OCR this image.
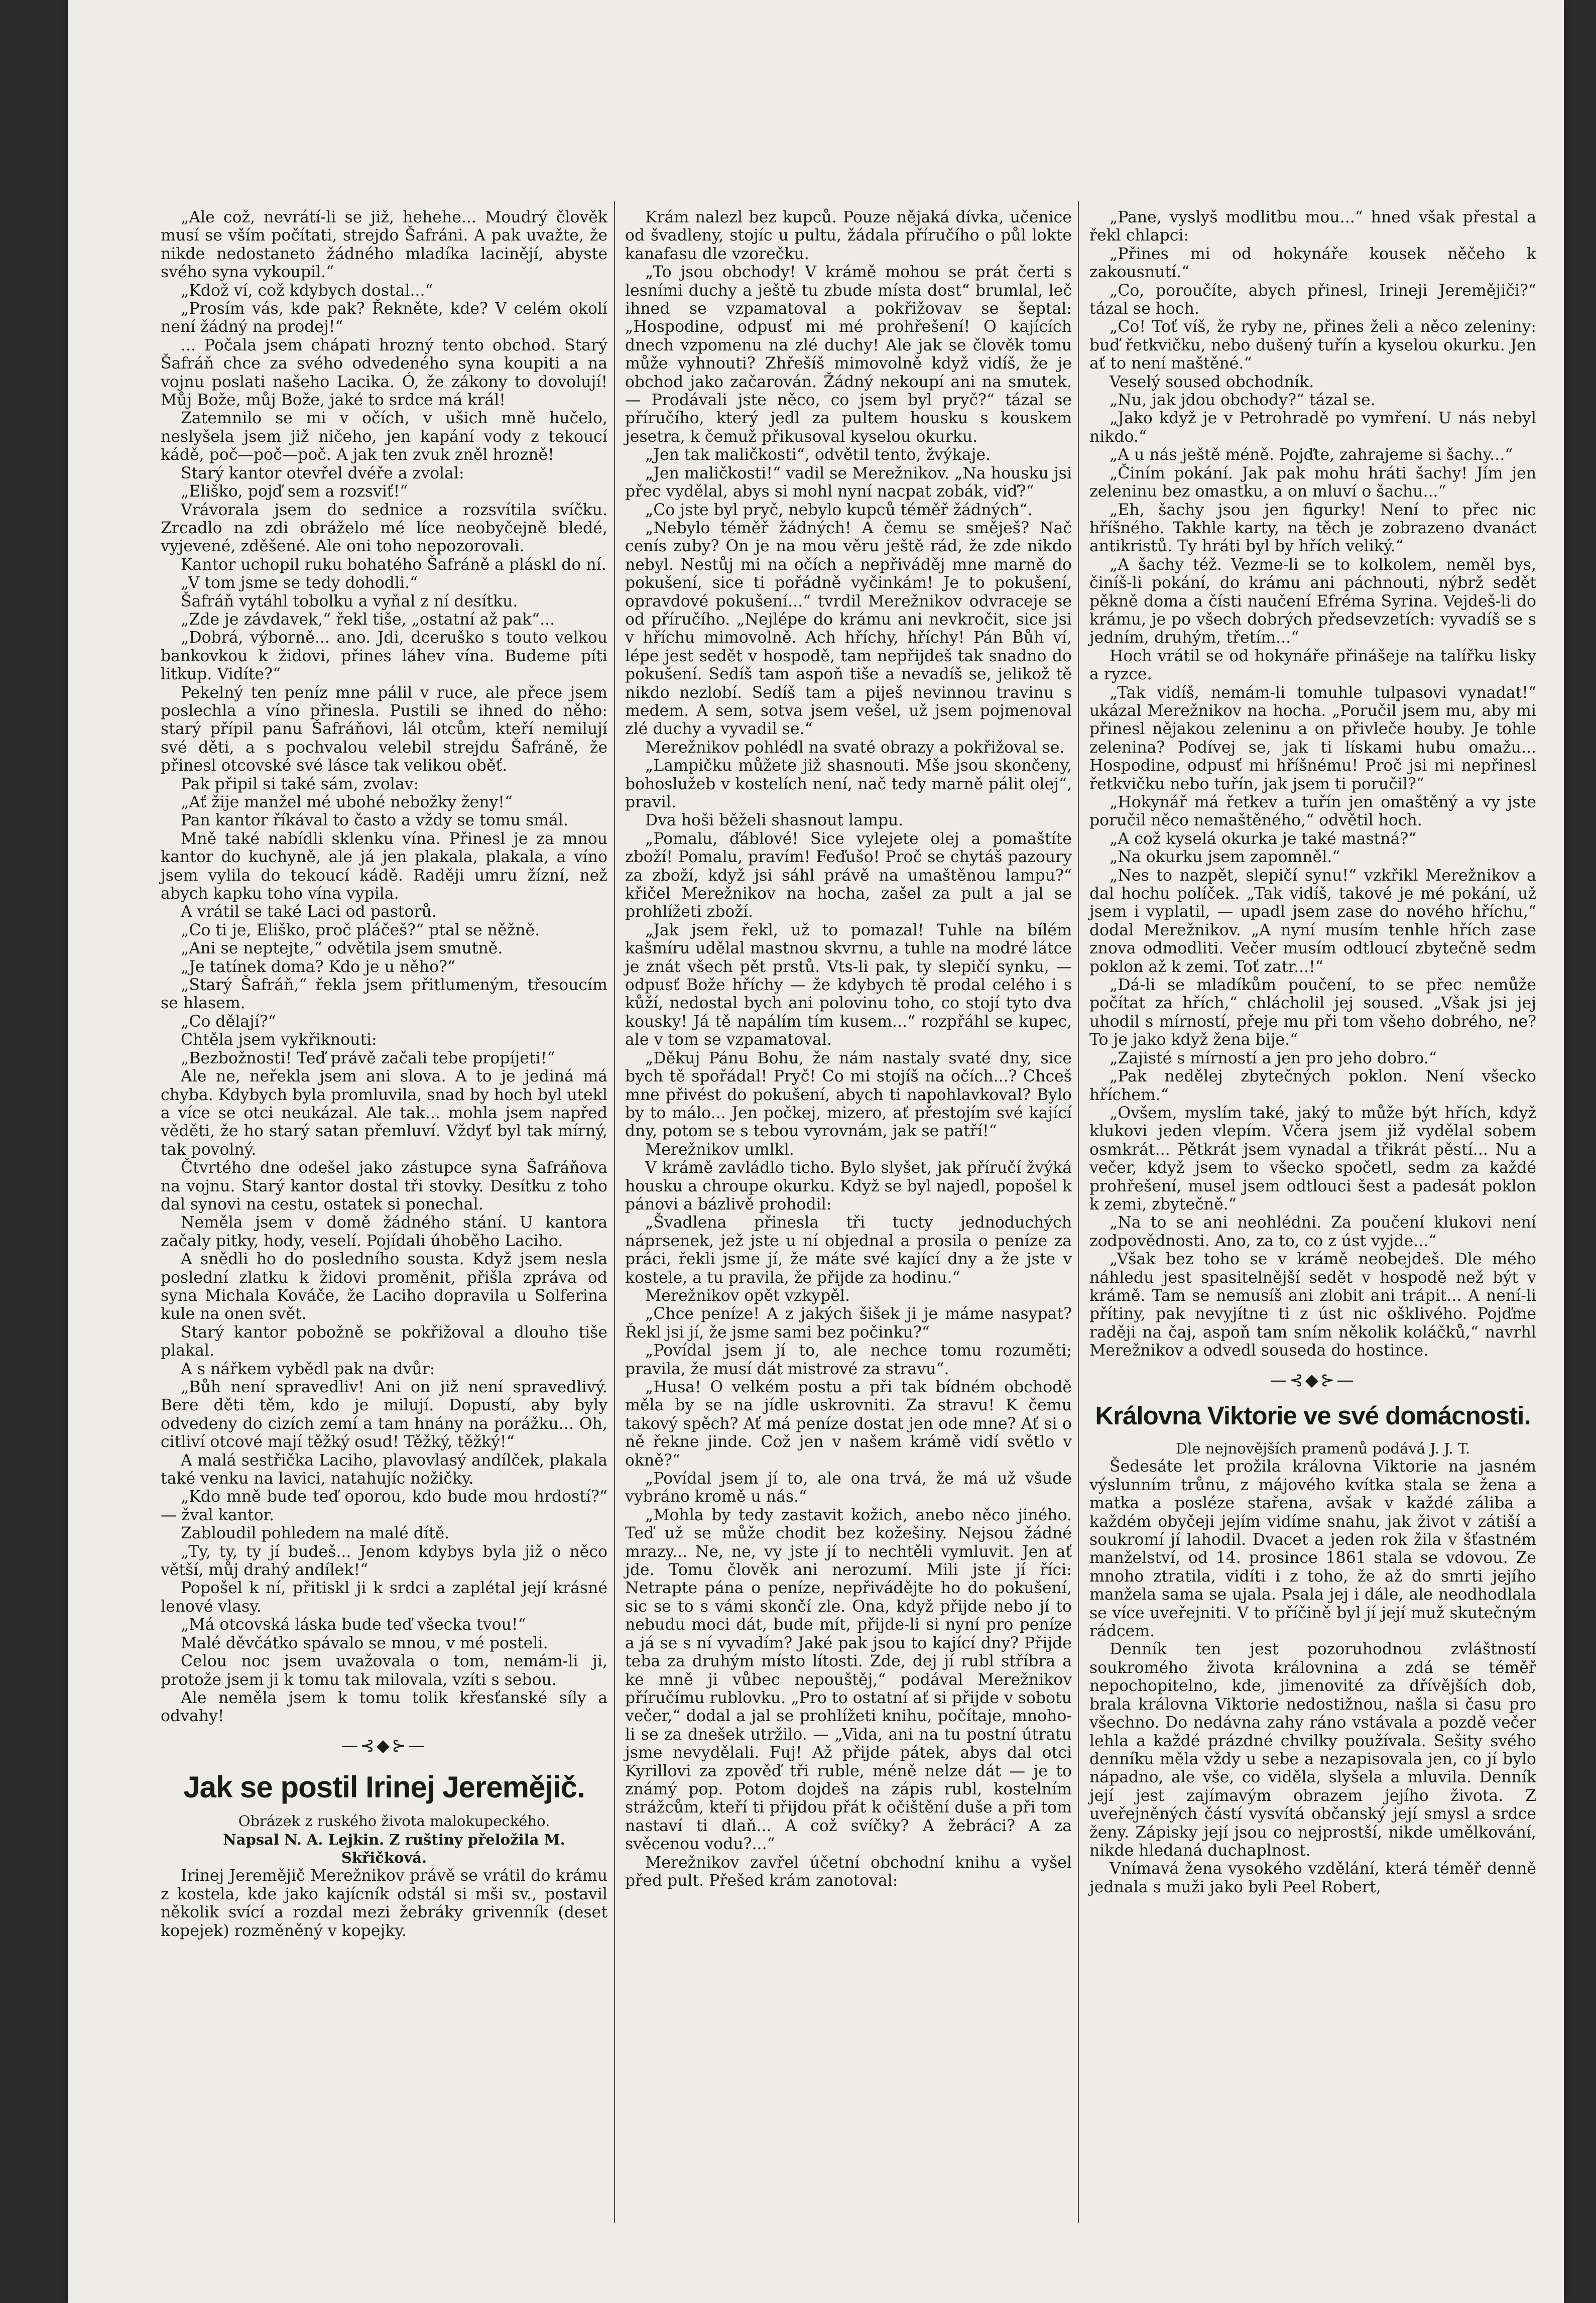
„Ale což, nevrátí-li se již, hehehe... Moudrý člověk musí se vším počítati, strejdo Šafráni. A pak uvažte, že nikde nedostaneto žádného mladíka lacinějí, abyste svého syna vykoupil.“

„Kdož ví, což kdybych dostal...“

„Prosím vás, kde pak? Řekněte, kde? V celém okolí není žádný na prodej!“

... Počala jsem chápati hrozný tento obchod. Starý Šafráň chce za svého odvedeného syna koupiti a na vojnu poslati našeho Lacika. Ó, že zákony to dovolují! Můj Bože, můj Bože, jaké to srdce má král!

Zatemnilo se mi v očích, v ušich mně hučelo, neslyšela jsem již ničeho, jen kapání vody z tekoucí kádě, poč—poč—poč. A jak ten zvuk zněl hrozně!

Starý kantor otevřel dvéře a zvolal:

„Eliško, pojď sem a rozsviť!“

Vrávorala jsem do sednice a rozsvítila svíčku. Zrcadlo na zdi obráželo mé líce neobyčejně bledé, vyjevené, zděšené. Ale oni toho nepozorovali.

Kantor uchopil ruku bohatého Šafráně a pláskl do ní.

„V tom jsme se tedy dohodli.“

Šafráň vytáhl tobolku a vyňal z ní desítku.

„Zde je závdavek,“ řekl tiše, „ostatní až pak“...

„Dobrá, výborně... ano. Jdi, dceruško s touto velkou bankovkou k židovi, přines láhev vína. Budeme píti litkup. Vidíte?“

Pekelný ten peníz mne pálil v ruce, ale přece jsem poslechla a víno přinesla. Pustili se ihned do něho: starý přípil panu Šafráňovi, lál otcům, kteří nemilují své děti, a s pochvalou velebil strejdu Šafráně, že přinesl otcovské své lásce tak velikou oběť.

Pak připil si také sám, zvolav:

„Ať žije manžel mé ubohé nebožky ženy!“

Pan kantor říkával to často a vždy se tomu smál.

Mně také nabídli sklenku vína. Přinesl je za mnou kantor do kuchyně, ale já jen plakala, plakala, a víno jsem vylila do tekoucí kádě. Raději umru žízní, než abych kapku toho vína vypila.

A vrátil se také Laci od pastorů.

„Co ti je, Eliško, proč pláčeš?“ ptal se něžně.

„Ani se neptejte,“ odvětila jsem smutně.

„Je tatínek doma? Kdo je u něho?“

„Starý Šafráň,“ řekla jsem přitlumeným, třesoucím se hlasem.

„Co dělají?“

Chtěla jsem vykřiknouti:

„Bezbožnosti! Teď právě začali tebe propíjeti!“

Ale ne, neřekla jsem ani slova. A to je jediná má chyba. Kdybych byla promluvila, snad by hoch byl utekl a více se otci neukázal. Ale tak... mohla jsem napřed věděti, že ho starý satan přemluví. Vždyť byl tak mírný, tak povolný.

Čtvrtého dne odešel jako zástupce syna Šafráňova na vojnu. Starý kantor dostal tři stovky. Desítku z toho dal synovi na cestu, ostatek si ponechal.

Neměla jsem v domě žádného stání. U kantora začaly pitky, hody, veselí. Pojídali úhoběho Laciho.

A snědli ho do posledního sousta. Když jsem nesla poslední zlatku k židovi proměnit, přišla zpráva od syna Michala Kováče, že Laciho dopravila u Solferina kule na onen svět.

Starý kantor pobožně se pokřižoval a dlouho tiše plakal.

A s nářkem vybědl pak na dvůr:

„Bůh není spravedliv! Ani on již není spravedlivý. Bere děti těm, kdo je milují. Dopustí, aby byly odvedeny do cizích zemí a tam hnány na porážku... Oh, citliví otcové mají těžký osud! Těžký, těžký!“

A malá sestřička Laciho, plavovlasý andílček, plakala také venku na lavici, natahujíc nožičky.

„Kdo mně bude teď oporou, kdo bude mou hrdostí?“ — žval kantor.

Zabloudil pohledem na malé dítě.

„Ty, ty, ty jí budeš... Jenom kdybys byla již o něco větší, můj drahý andílek!“

Popošel k ní, přitiskl ji k srdci a zaplétal její krásné lenové vlasy.

„Má otcovská láska bude teď všecka tvou!“

Malé děvčátko spávalo se mnou, v mé posteli.

Celou noc jsem uvažovala o tom, nemám-li ji, protože jsem ji k tomu tak milovala, vzíti s sebou.

Ale neměla jsem k tomu tolik křesťanské síly a odvahy!

—⊰◆⊱—
Jak se postil Irinej Jeremějič.

Obrázek z ruského života malokupeckého.

Napsal N. A. Lejkin. Z ruštiny přeložila M. Skřičková.

Irinej Jeremějič Merežnikov právě se vrátil do krámu z kostela, kde jako kajícník odstál si mši sv., postavil několik svící a rozdal mezi žebráky grivenník (deset kopejek) rozměněný v kopejky.

Krám nalezl bez kupců. Pouze nějaká dívka, učenice od švadleny, stojíc u pultu, žádala příručího o půl lokte kanafasu dle vzorečku.

„To jsou obchody! V krámě mohou se prát čerti s lesními duchy a ještě tu zbude místa dost“ brumlal, leč ihned se vzpamatoval a pokřižovav se šeptal: „Hospodine, odpusť mi mé prohřešení! O kajících dnech vzpomenu na zlé duchy! Ale jak se člověk tomu může vyhnouti? Zhřešíš mimovolně když vidíš, že je obchod jako začarován. Žádný nekoupí ani na smutek. — Prodávali jste něco, co jsem byl pryč?“ tázal se příručího, který jedl za pultem housku s kouskem jesetra, k čemuž přikusoval kyselou okurku.

„Jen tak maličkosti“, odvětil tento, žvýkaje.

„Jen maličkosti!“ vadil se Merežnikov. „Na housku jsi přec vydělal, abys si mohl nyní nacpat zobák, viď?“

„Co jste byl pryč, nebylo kupců téměř žádných“.

„Nebylo téměř žádných! A čemu se směješ? Nač cenís zuby? On je na mou věru ještě rád, že zde nikdo nebyl. Nestůj mi na očích a nepřiváděj mne marně do pokušení, sice ti pořádně vyčinkám! Je to pokušení, opravdové pokušení...“ tvrdil Merežnikov odvraceje se od příručího. „Nejlépe do krámu ani nevkročit, sice jsi v hříchu mimovolně. Ach hříchy, hříchy! Pán Bůh ví, lépe jest sedět v hospodě, tam nepřijdeš tak snadno do pokušení. Sedíš tam aspoň tiše a nevadíš se, jelikož tě nikdo nezlobí. Sedíš tam a piješ nevinnou travinu s medem. A sem, sotva jsem vešel, už jsem pojmenoval zlé duchy a vyvadil se.“

Merežnikov pohlédl na svaté obrazy a pokřižoval se.

„Lampičku můžete již shasnouti. Mše jsou skončeny, bohoslužeb v kostelích není, nač tedy marně pálit olej“, pravil.

Dva hoši běželi shasnout lampu.

„Pomalu, ďáblové! Sice vylejete olej a pomaštíte zboží! Pomalu, pravím! Feďušo! Proč se chytáš pazoury za zboží, když jsi sáhl právě na umaštěnou lampu?“ křičel Merežnikov na hocha, zašel za pult a jal se prohlížeti zboží.

„Jak jsem řekl, už to pomazal! Tuhle na bílém kašmíru udělal mastnou skvrnu, a tuhle na modré látce je znát všech pět prstů. Vts-li pak, ty slepičí synku, — odpusť Bože hříchy — že kdybych tě prodal celého i s kůží, nedostal bych ani polovinu toho, co stojí tyto dva kousky! Já tě napálím tím kusem...“ rozpřáhl se kupec, ale v tom se vzpamatoval.

„Děkuj Pánu Bohu, že nám nastaly svaté dny, sice bych tě spořádal! Pryč! Co mi stojíš na očích...? Chceš mne přivést do pokušení, abych ti napohlavkoval? Bylo by to málo... Jen počkej, mizero, ať přestojím své kající dny, potom se s tebou vyrovnám, jak se patří!“

Merežnikov umlkl.

V krámě zavládlo ticho. Bylo slyšet, jak příručí žvýká housku a chroupe okurku. Když se byl najedl, popošel k pánovi a bázlivě prohodil:

„Švadlena přinesla tři tucty jednoduchých náprsenek, jež jste u ní objednal a prosila o peníze za práci, řekli jsme jí, že máte své kající dny a že jste v kostele, a tu pravila, že přijde za hodinu.“

Merežnikov opět vzkypěl.

„Chce peníze! A z jakých šišek ji je máme nasypat? Řekl jsi jí, že jsme sami bez počinku?“

„Povídal jsem jí to, ale nechce tomu rozuměti; pravila, že musí dát mistrové za stravu“.

„Husa! O velkém postu a při tak bídném obchodě měla by se na jídle uskrovniti. Za stravu! K čemu takový spěch? Ať má peníze dostat jen ode mne? Ať si o ně řekne jinde. Což jen v našem krámě vidí světlo v okně?“

„Povídal jsem jí to, ale ona trvá, že má už všude vybráno kromě u nás.“

„Mohla by tedy zastavit kožich, anebo něco jiného. Teď už se může chodit bez kožešiny. Nejsou žádné mrazy... Ne, ne, vy jste jí to nechtěli vymluvit. Jen ať jde. Tomu člověk ani nerozumí. Mili jste jí říci: Netrapte pána o peníze, nepřivádějte ho do pokušení, sic se to s vámi skončí zle. Ona, když přijde nebo jí to nebudu moci dát, bude mít, přijde-li si nyní pro peníze a já se s ní vyvadím? Jaké pak jsou to kající dny? Přijde teba za druhým místo lítosti. Zde, dej jí rubl stříbra a ke mně ji vůbec nepouštěj,“ podával Merežnikov příručímu rublovku. „Pro to ostatní ať si přijde v sobotu večer,“ dodal a jal se prohlížeti knihu, počítaje, mnoho-li se za dnešek utržilo. — „Vida, ani na tu postní útratu jsme nevydělali. Fuj! Až přijde pátek, abys dal otci Kyrillovi za zpověď tři ruble, méně nelze dát — je to známý pop. Potom dojdeš na zápis rubl, kostelním strážcům, kteří ti přijdou přát k očištění duše a při tom nastaví ti dlaň... A což svíčky? A žebráci? A za svěcenou vodu?...“

Merežnikov zavřel účetní obchodní knihu a vyšel před pult. Přešed krám zanotoval:

„Pane, vyslyš modlitbu mou...“ hned však přestal a řekl chlapci:

„Přines mi od hokynáře kousek něčeho k zakousnutí.“

„Co, poroučíte, abych přinesl, Irineji Jeremějiči?“ tázal se hoch.

„Co! Toť víš, že ryby ne, přines želi a něco zeleniny: buď řetkvičku, nebo dušený tuřín a kyselou okurku. Jen ať to není maštěné.“

Veselý soused obchodník.

„Nu, jak jdou obchody?“ tázal se.

„Jako když je v Petrohradě po vymření. U nás nebyl nikdo.“

„A u nás ještě méně. Pojďte, zahrajeme si šachy...“

„Činím pokání. Jak pak mohu hráti šachy! Jím jen zeleninu bez omastku, a on mluví o šachu...“

„Eh, šachy jsou jen figurky! Není to přec nic hříšného. Takhle karty, na těch je zobrazeno dvanáct antikristů. Ty hráti byl by hřích veliký.“

„A šachy též. Vezme-li se to kolkolem, neměl bys, činíš-li pokání, do krámu ani páchnouti, nýbrž sedět pěkně doma a čísti naučení Efréma Syrina. Vejdeš-li do krámu, je po všech dobrých předsevzetích: vyvadíš se s jedním, druhým, třetím...“

Hoch vrátil se od hokynáře přinášeje na talířku lisky a ryzce.

„Tak vidíš, nemám-li tomuhle tulpasovi vynadat!“ ukázal Merežnikov na hocha. „Poručil jsem mu, aby mi přinesl nějakou zeleninu a on přivleče houby. Je tohle zelenina? Podívej se, jak ti lískami hubu omažu... Hospodine, odpusť mi hříšnému! Proč jsi mi nepřinesl řetkvičku nebo tuřín, jak jsem ti poručil?“

„Hokynář má řetkev a tuřín jen omaštěný a vy jste poručil něco nemaštěného,“ odvětil hoch.

„A což kyselá okurka je také mastná?“

„Na okurku jsem zapomněl.“

„Nes to nazpět, slepičí synu!“ vzkřikl Merežnikov a dal hochu políček. „Tak vidíš, takové je mé pokání, už jsem i vyplatil, — upadl jsem zase do nového hříchu,“ dodal Merežnikov. „A nyní musím tenhle hřích zase znova odmodliti. Večer musím odtloucí zbytečně sedm poklon až k zemi. Toť zatr...!“

„Dá-li se mladíkům poučení, to se přec nemůže počítat za hřích,“ chlácholil jej soused. „Však jsi jej uhodil s mírností, přeje mu při tom všeho dobrého, ne? To je jako když žena bije.“

„Zajisté s mírností a jen pro jeho dobro.“

„Pak nedělej zbytečných poklon. Není všecko hříchem.“

„Ovšem, myslím také, jaký to může být hřích, když klukovi jeden vlepím. Včera jsem již vydělal sobem osmkrát... Pětkrát jsem vynadal a třikrát pěstí... Nu a večer, když jsem to všecko spočetl, sedm za každé prohřešení, musel jsem odtlouci šest a padesát poklon k zemi, zbytečně.“

„Na to se ani neohlédni. Za poučení klukovi není zodpovědnosti. Ano, za to, co z úst vyjde...“

„Však bez toho se v krámě neobejdeš. Dle mého náhledu jest spasitelnější sedět v hospodě než být v krámě. Tam se nemusíš ani zlobit ani trápit... A není-li přítiny, pak nevyjítne ti z úst nic ošklivého. Pojďme raději na čaj, aspoň tam sním několik koláčků,“ navrhl Merežnikov a odvedl souseda do hostince.

—⊰◆⊱—
Královna Viktorie ve své domácnosti.

Dle nejnovějších pramenů podává J. J. T.

Šedesáte let prožila královna Viktorie na jasném výslunním trůnu, z májového kvítka stala se žena a matka a posléze stařena, avšak v každé záliba a každém obyčeji jejím vidíme snahu, jak život v zátiší a soukromí jí lahodil. Dvacet a jeden rok žila v šťastném manželství, od 14. prosince 1861 stala se vdovou. Ze mnoho ztratila, vidíti i z toho, že až do smrti jejího manžela sama se ujala. Psala jej i dále, ale neodhodlala se více uveřejniti. V to příčině byl jí její muž skutečným rádcem.

Denník ten jest pozoruhodnou zvláštností soukromého života královnina a zdá se téměř nepochopitelno, kde, jimenovité za dřívějších dob, brala královna Viktorie nedostižnou, našla si času pro všechno. Do nedávna zahy ráno vstávala a pozdě večer lehla a každé prázdné chvilky používala. Sešity svého denníku měla vždy u sebe a nezapisovala jen, co jí bylo nápadno, ale vše, co viděla, slyšela a mluvila. Denník její jest zajímavým obrazem jejího života. Z uveřejněných částí vysvítá občanský její smysl a srdce ženy. Zápisky její jsou co nejprostší, nikde umělkování, nikde hledaná duchaplnost.

Vnímavá žena vysokého vzdělání, která téměř denně jednala s muži jako byli Peel Robert,
